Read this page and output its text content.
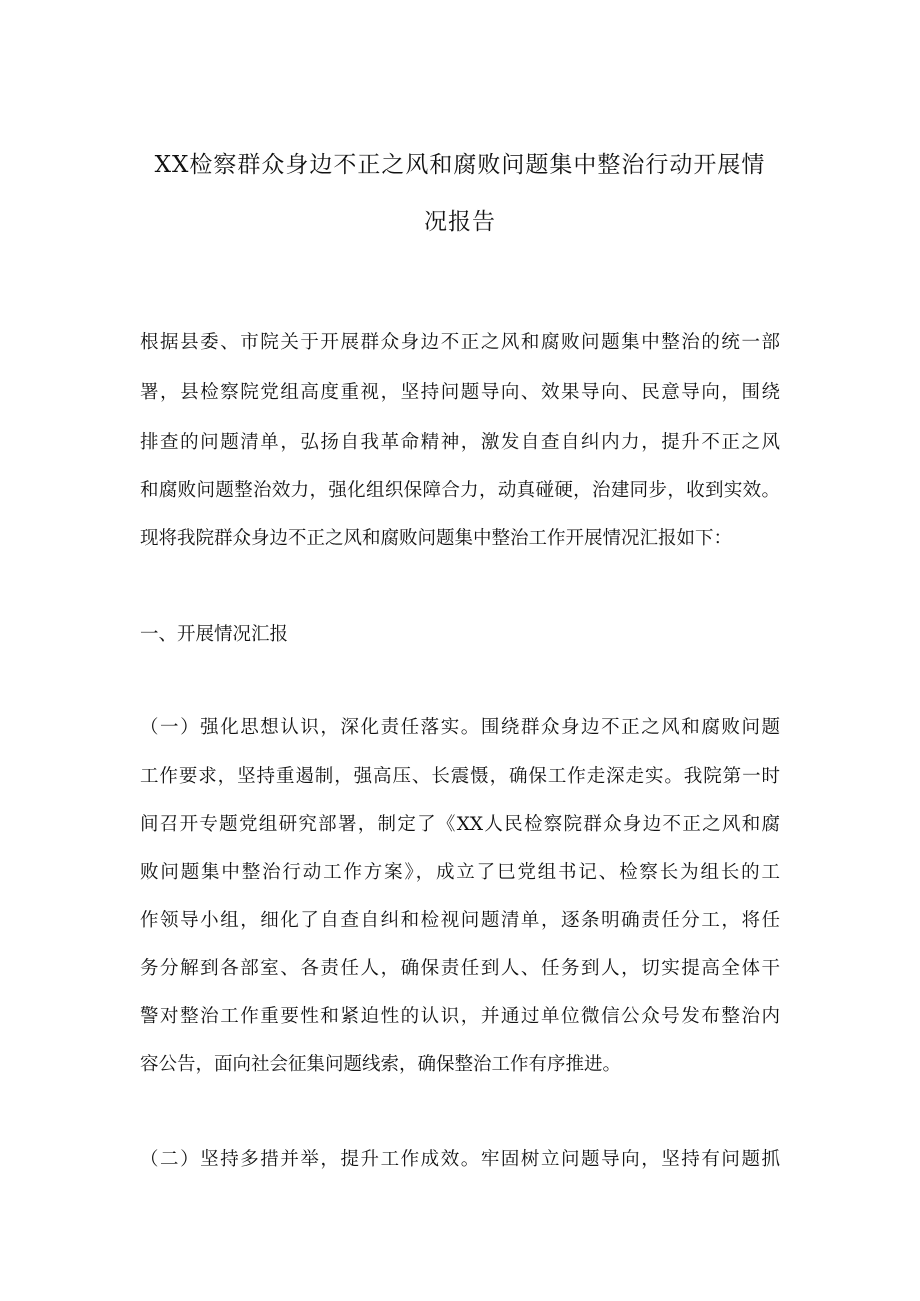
XX检察群众身边不正之风和腐败问题集中整治行动开展情
况报告
根据县委、市院关于开展群众身边不正之风和腐败问题集中整治的统一部
署，县检察院党组高度重视，坚持问题导向、效果导向、民意导向，围绕
排查的问题清单，弘扬自我革命精神，激发自查自纠内力，提升不正之风
和腐败问题整治效力，强化组织保障合力，动真碰硬，治建同步，收到实效。
现将我院群众身边不正之风和腐败问题集中整治工作开展情况汇报如下：
一、开展情况汇报
（一）强化思想认识，深化责任落实。围绕群众身边不正之风和腐败问题
工作要求，坚持重遏制，强高压、长震慑，确保工作走深走实。我院第一时
间召开专题党组研究部署，制定了《XX人民检察院群众身边不正之风和腐
败问题集中整治行动工作方案》，成立了巳党组书记、检察长为组长的工
作领导小组，细化了自查自纠和检视问题清单，逐条明确责任分工，将任
务分解到各部室、各责任人，确保责任到人、任务到人，切实提高全体干
警对整治工作重要性和紧迫性的认识，并通过单位微信公众号发布整治内
容公告，面向社会征集问题线索，确保整治工作有序推进。
（二）坚持多措并举，提升工作成效。牢固树立问题导向，坚持有问题抓
